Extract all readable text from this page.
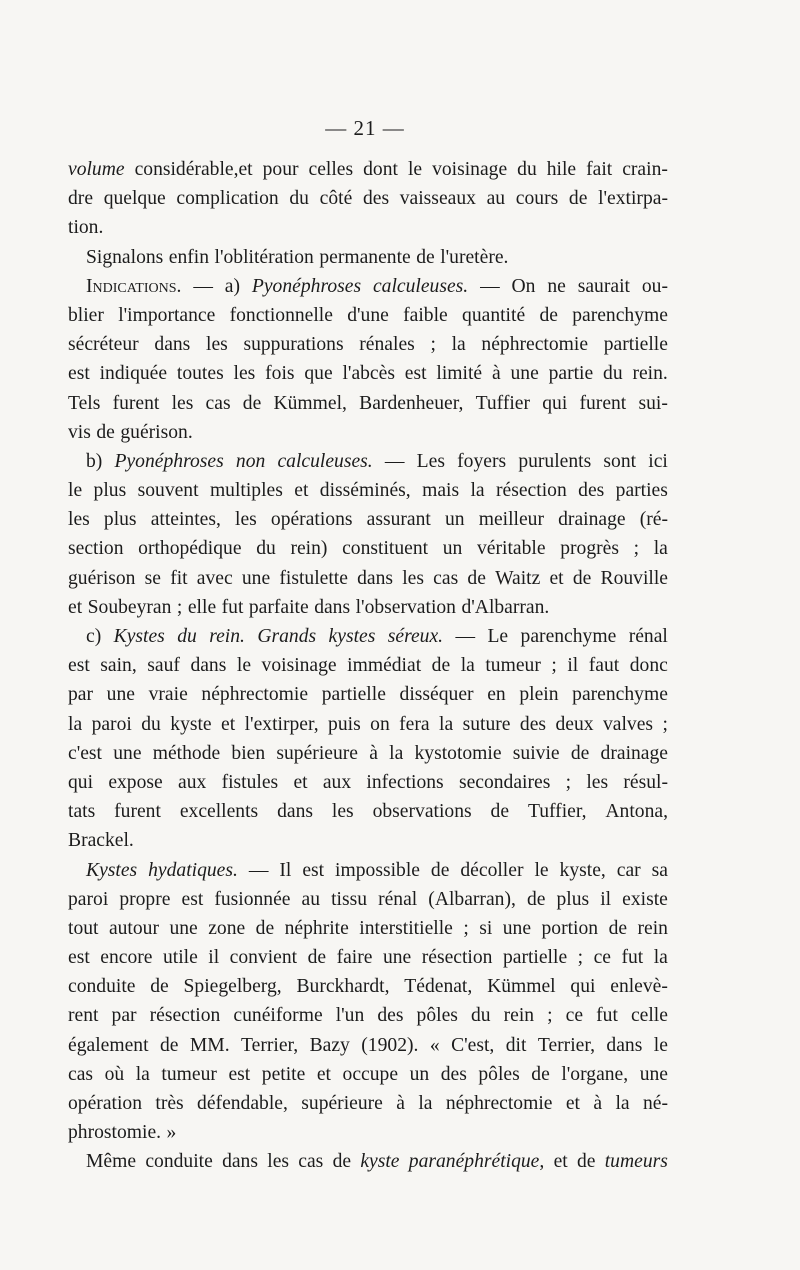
— 21 —
volume considérable,et pour celles dont le voisinage du hile fait crain-
dre quelque complication du côté des vaisseaux au cours de l'extirpa-
tion.
Signalons enfin l'oblitération permanente de l'uretère.
Indications. — a) Pyonéphroses calculeuses. — On ne saurait ou-
blier l'importance fonctionnelle d'une faible quantité de parenchyme
sécréteur dans les suppurations rénales ; la néphrectomie partielle
est indiquée toutes les fois que l'abcès est limité à une partie du rein.
Tels furent les cas de Kümmel, Bardenheuer, Tuffier qui furent sui-
vis de guérison.
b) Pyonéphroses non calculeuses. — Les foyers purulents sont ici
le plus souvent multiples et disséminés, mais la résection des parties
les plus atteintes, les opérations assurant un meilleur drainage (ré-
section orthopédique du rein) constituent un véritable progrès ; la
guérison se fit avec une fistulette dans les cas de Waitz et de Rouville
et Soubeyran ; elle fut parfaite dans l'observation d'Albarran.
c) Kystes du rein. Grands kystes séreux. — Le parenchyme rénal
est sain, sauf dans le voisinage immédiat de la tumeur ; il faut donc
par une vraie néphrectomie partielle disséquer en plein parenchyme
la paroi du kyste et l'extirper, puis on fera la suture des deux valves ;
c'est une méthode bien supérieure à la kystotomie suivie de drainage
qui expose aux fistules et aux infections secondaires ; les résul-
tats furent excellents dans les observations de Tuffier, Antona,
Brackel.
Kystes hydatiques. — Il est impossible de décoller le kyste, car sa
paroi propre est fusionnée au tissu rénal (Albarran), de plus il existe
tout autour une zone de néphrite interstitielle ; si une portion de rein
est encore utile il convient de faire une résection partielle ; ce fut la
conduite de Spiegelberg, Burckhardt, Tédenat, Kümmel qui enlevè-
rent par résection cunéiforme l'un des pôles du rein ; ce fut celle
également de MM. Terrier, Bazy (1902). « C'est, dit Terrier, dans le
cas où la tumeur est petite et occupe un des pôles de l'organe, une
opération très défendable, supérieure à la néphrectomie et à la né-
phrostomie. »
Même conduite dans les cas de kyste paranéphrétique, et de tumeurs
